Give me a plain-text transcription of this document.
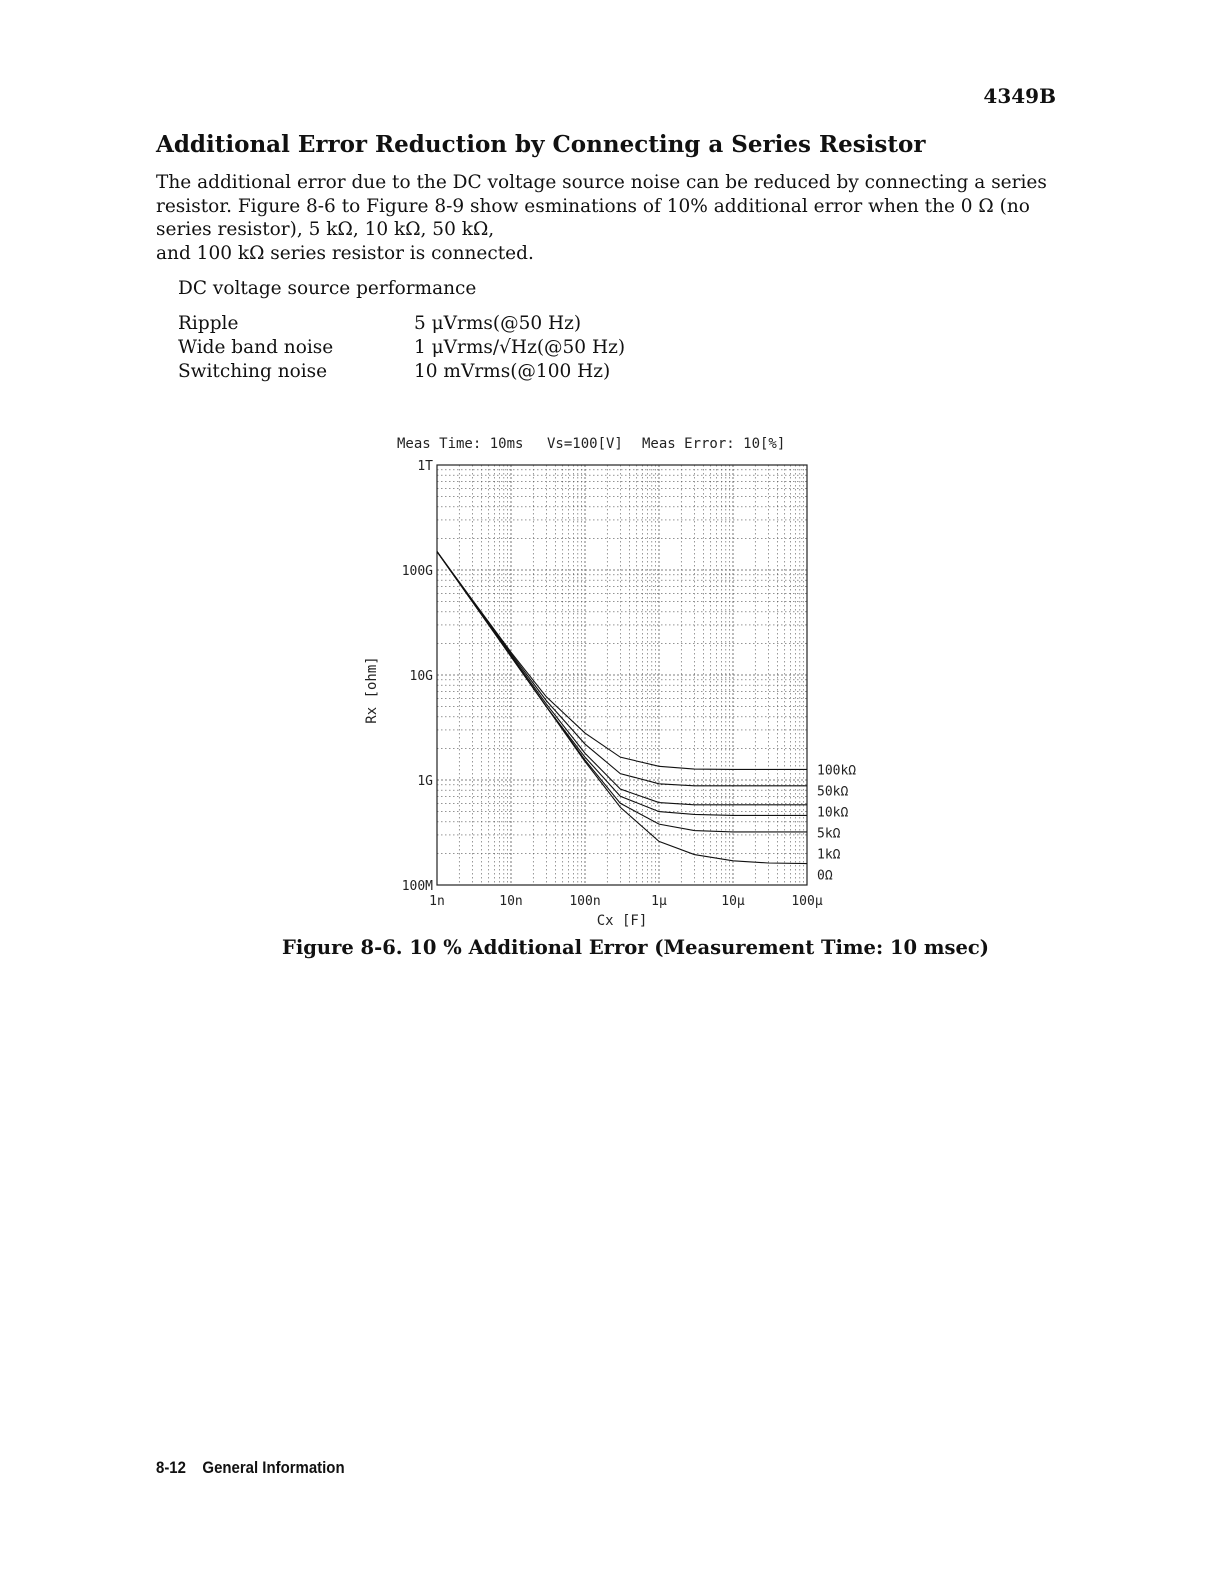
4349B
Additional Error Reduction by Connecting a Series Resistor
The additional error due to the DC voltage source noise can be reduced by connecting a series
resistor. Figure 8-6 to Figure 8-9 show esminations of 10% additional error when the 0 Ω (no
series resistor), 5 kΩ, 10 kΩ, 50 kΩ,
and 100 kΩ series resistor is connected.
DC voltage source performance
Ripple	5 μVrms(@50 Hz)
Wide band noise	1 μVrms/√Hz(@50 Hz)
Switching noise	10 mVrms(@100 Hz)
Meas Time: 10ms Vs=100[V] Meas Error: 10[%]
1n	10n	100n	1μ	10μ	100μ
1T
100G
10G
1G
100M
100kΩ
50kΩ
10kΩ
5kΩ
1kΩ
0Ω
Cx [F]
Rx [ohm]
Figure 8-6. 10 % Additional Error (Measurement Time: 10 msec)
8-12 General Information
